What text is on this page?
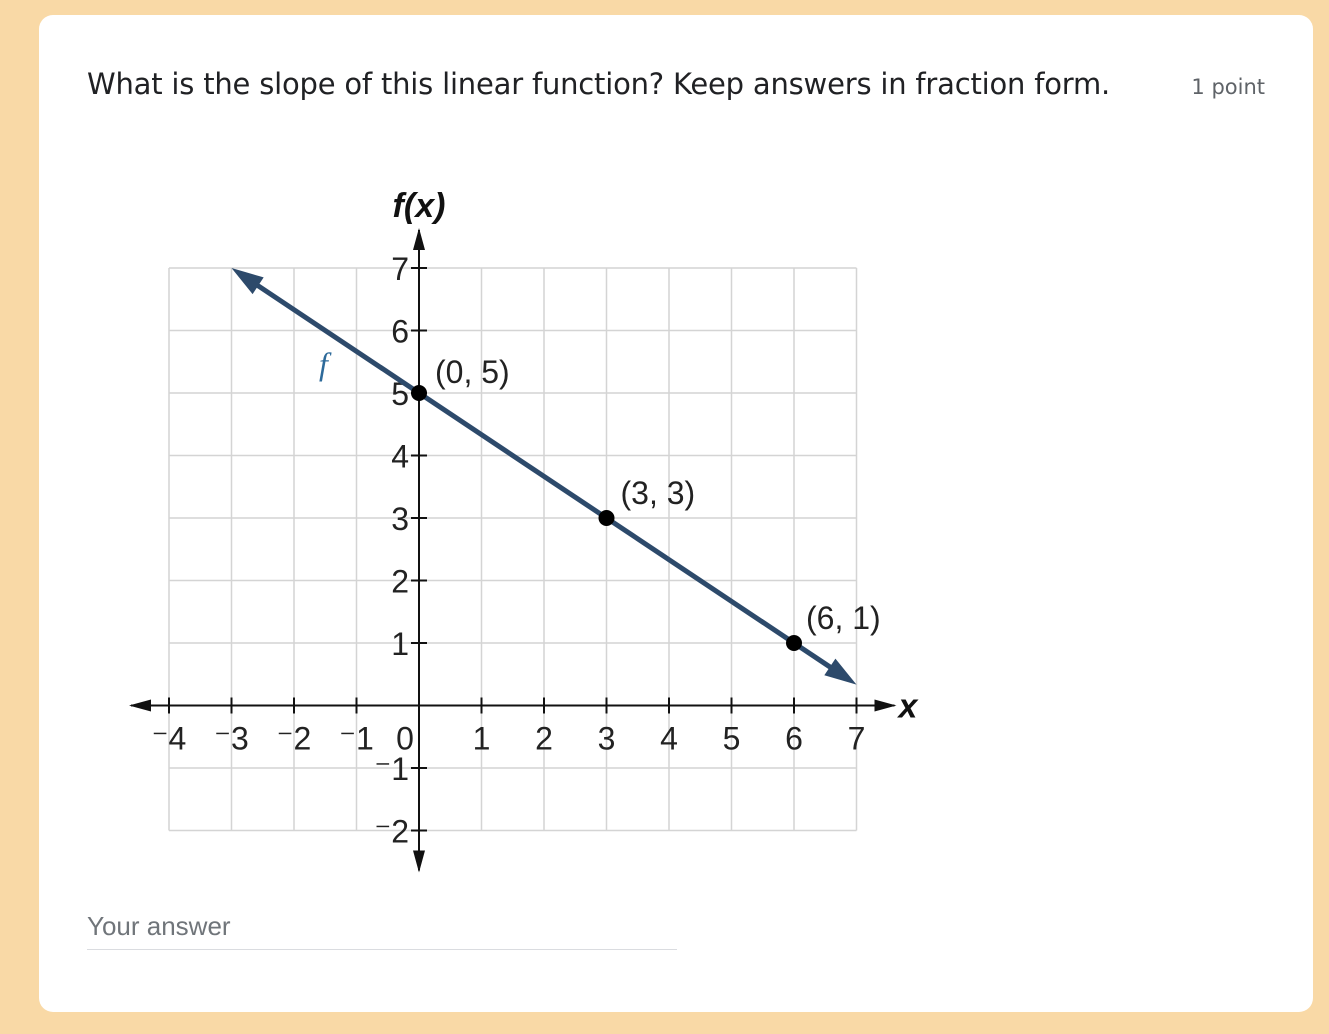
What is the slope of this linear function? Keep answers in fraction form.	1 point
⁻4 ⁻3 ⁻2 ⁻1 0 1 2 3 4 5 6 7
⁻2
⁻1
1
2
3
4
5
6
7
(0, 5)
(3, 3)
(6, 1)
f(x)
x
f
Your answer
